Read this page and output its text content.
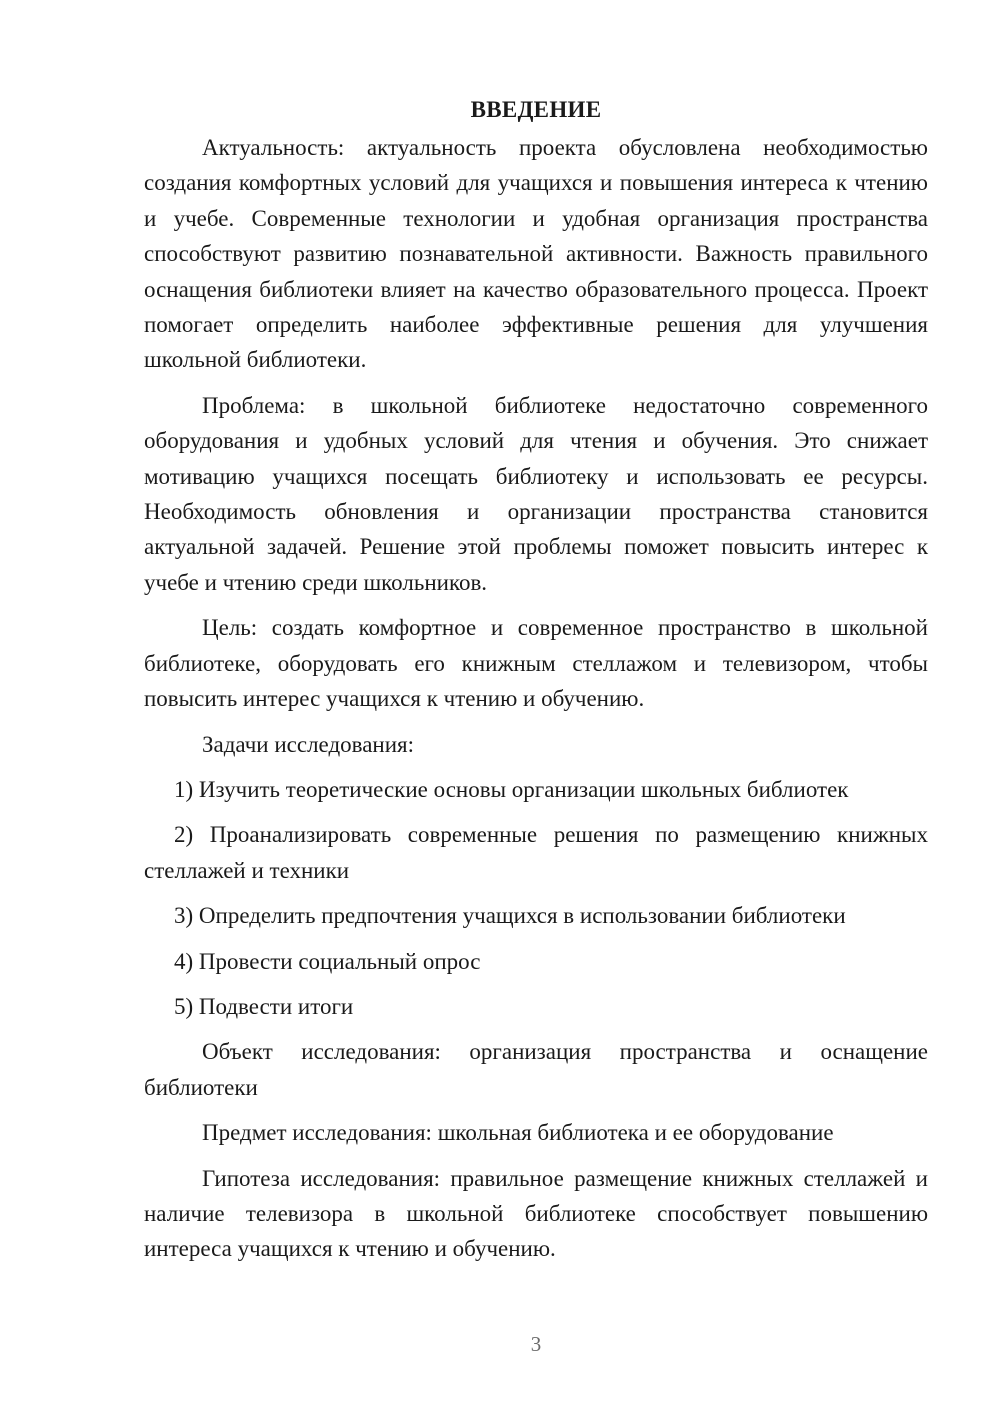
ВВЕДЕНИЕ

Актуальность: актуальность проекта обусловлена необходимостью создания комфортных условий для учащихся и повышения интереса к чтению и учебе. Современные технологии и удобная организация пространства способствуют развитию познавательной активности. Важность правильного оснащения библиотеки влияет на качество образовательного процесса. Проект помогает определить наиболее эффективные решения для улучшения школьной библиотеки.

Проблема: в школьной библиотеке недостаточно современного оборудования и удобных условий для чтения и обучения. Это снижает мотивацию учащихся посещать библиотеку и использовать ее ресурсы. Необходимость обновления и организации пространства становится актуальной задачей. Решение этой проблемы поможет повысить интерес к учебе и чтению среди школьников.

Цель: создать комфортное и современное пространство в школьной библиотеке, оборудовать его книжным стеллажом и телевизором, чтобы повысить интерес учащихся к чтению и обучению.

Задачи исследования:

1) Изучить теоретические основы организации школьных библиотек

2) Проанализировать современные решения по размещению книжных стеллажей и техники

3) Определить предпочтения учащихся в использовании библиотеки

4) Провести социальный опрос

5) Подвести итоги

Объект исследования: организация пространства и оснащение библиотеки

Предмет исследования: школьная библиотека и ее оборудование

Гипотеза исследования: правильное размещение книжных стеллажей и наличие телевизора в школьной библиотеке способствует повышению интереса учащихся к чтению и обучению.

3
